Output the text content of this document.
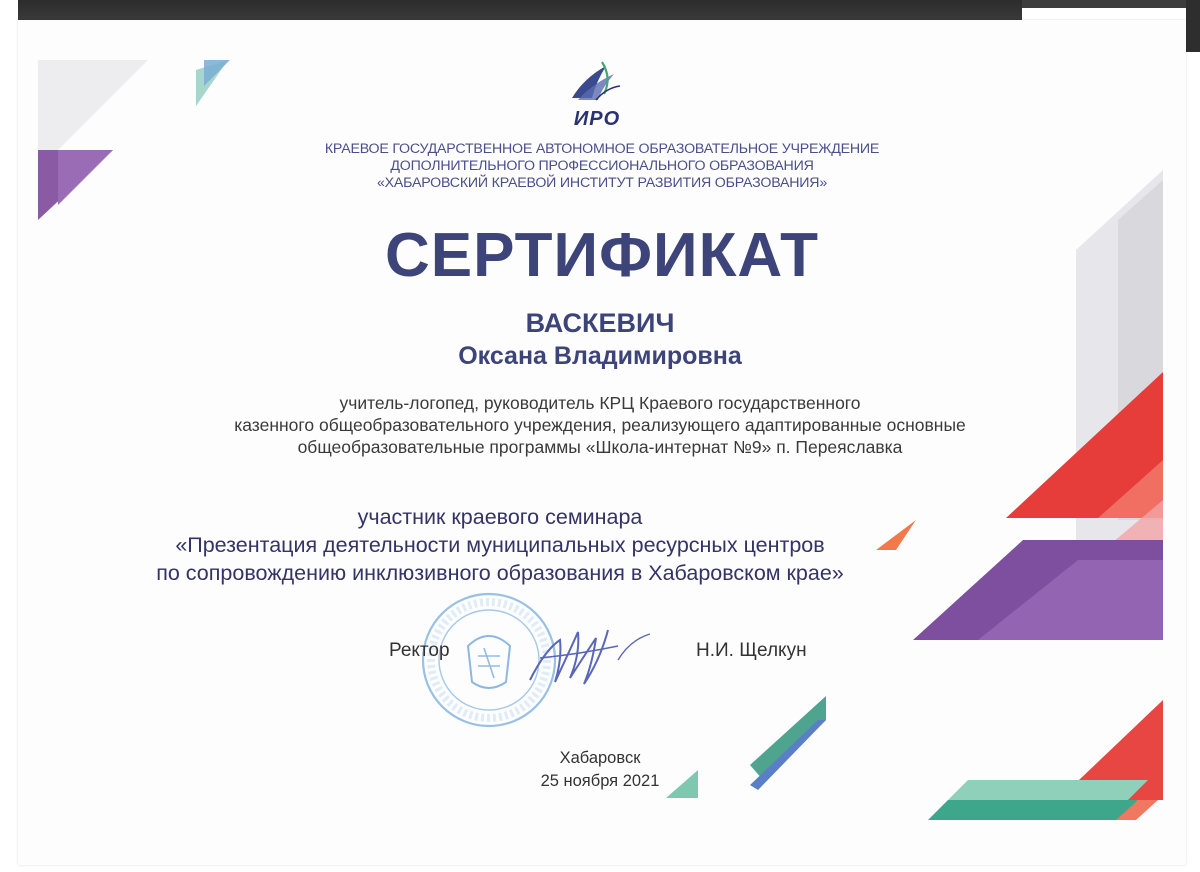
ИРО
КРАЕВОЕ ГОСУДАРСТВЕННОЕ АВТОНОМНОЕ ОБРАЗОВАТЕЛЬНОЕ УЧРЕЖДЕНИЕ
ДОПОЛНИТЕЛЬНОГО ПРОФЕССИОНАЛЬНОГО ОБРАЗОВАНИЯ
«ХАБАРОВСКИЙ КРАЕВОЙ ИНСТИТУТ РАЗВИТИЯ ОБРАЗОВАНИЯ»
СЕРТИФИКАТ
ВАСКЕВИЧ
Оксана Владимировна
учитель-логопед, руководитель КРЦ Краевого государственного
казенного общеобразовательного учреждения, реализующего адаптированные основные
общеобразовательные программы «Школа-интернат №9» п. Переяславка
участник краевого семинара
«Презентация деятельности муниципальных ресурсных центров
по сопровождению инклюзивного образования в Хабаровском крае»
Ректор	Н.И. Щелкун
Хабаровск
25 ноября 2021
